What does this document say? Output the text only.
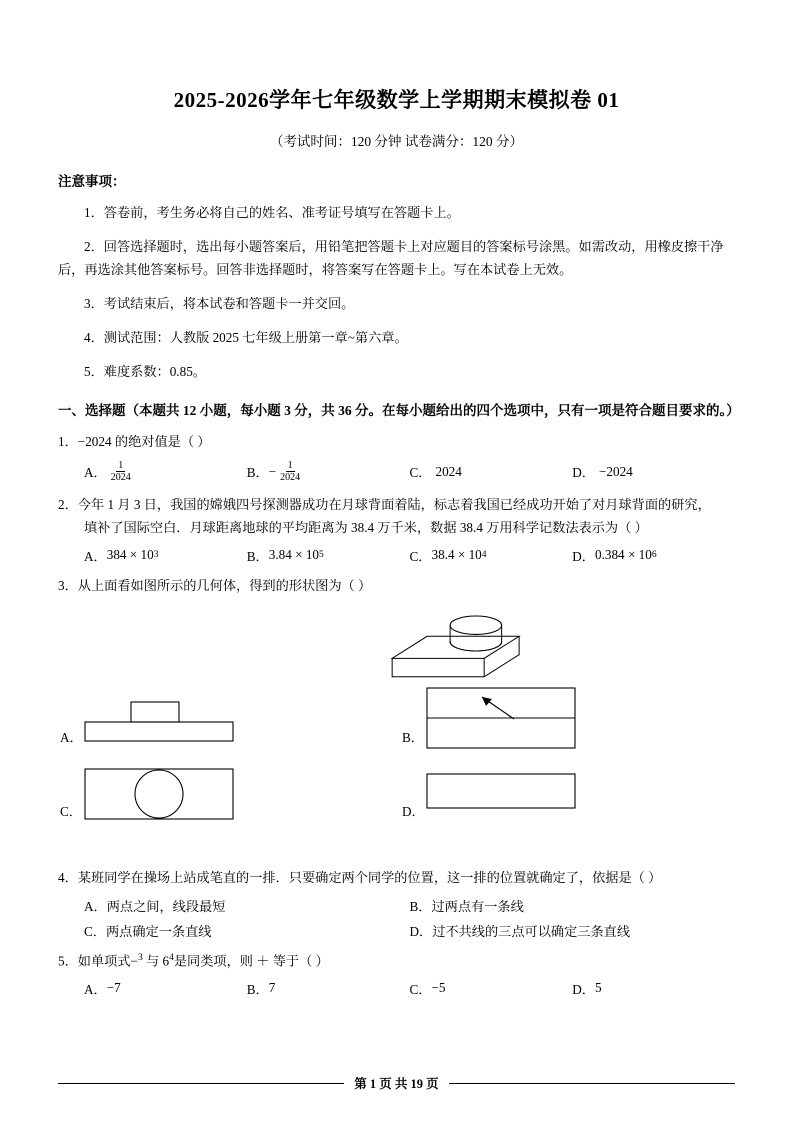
2025-2026学年七年级数学上学期期末模拟卷 01
（考试时间：120 分钟 试卷满分：120 分）
注意事项：
1．答卷前，考生务必将自己的姓名、准考证号填写在答题卡上。
2．回答选择题时，选出每小题答案后，用铅笔把答题卡上对应题目的答案标号涂黑。如需改动，用橡皮擦干净后，再选涂其他答案标号。回答非选择题时，将答案写在答题卡上。写在本试卷上无效。
3．考试结束后，将本试卷和答题卡一并交回。
4．测试范围：人教版 2025 七年级上册第一章~第六章。
5．难度系数：0.85。
一、选择题（本题共 12 小题，每小题 3 分，共 36 分。在每小题给出的四个选项中，只有一项是符合题目要求的。）
1．−2024 的绝对值是（ ）
A． $\frac{1}{2024}$	B． − $\frac{1}{2024}$	C． 2024	D． −2024
2．今年 1 月 3 日，我国的嫦娥四号探测器成功在月球背面着陆，标志着我国已经成功开始了对月球背面的研究，
填补了国际空白．月球距离地球的平均距离为 38.4 万千米，数据 38.4 万用科学记数法表示为（ ）
A． 384 × 10 3	B． 3.84 × 10 5	C． 38.4 × 10 4	D． 0.384 × 10 6
3．从上面看如图所示的几何体，得到的形状图为（ ）
A．	B．
C．	D．
4．某班同学在操场上站成笔直的一排．只要确定两个同学的位置，这一排的位置就确定了，依据是（ ）
A． 两点之间，线段最短	B． 过两点有一条线
C． 两点确定一条直线	D． 过不共线的三点可以确定三条直线
5．如单项式−$^3$ 与 $6^4$是同类项，则 ＋ 等于（ ）
A． −7	B． 7	C． −5	D． 5
第 1 页 共 19 页
